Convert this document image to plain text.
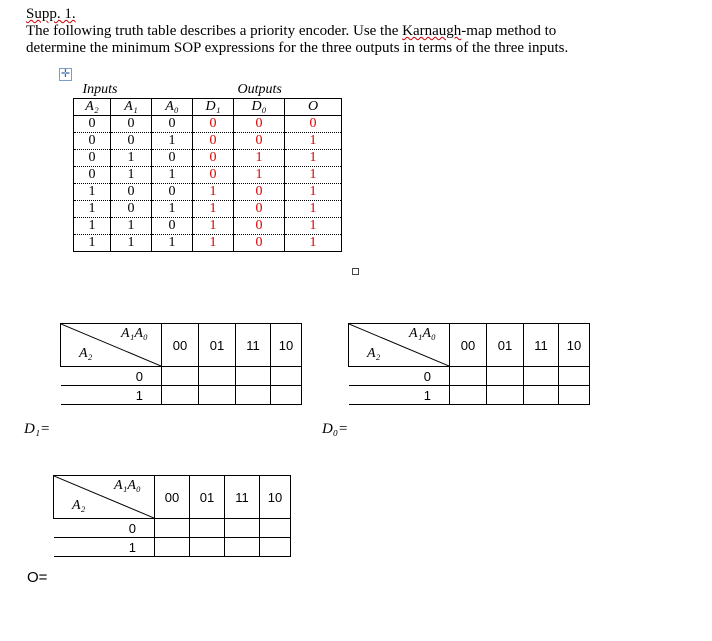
Supp. 1.
The following truth table describes a priority encoder. Use the Karnaugh-map method to
determine the minimum SOP expressions for the three outputs in terms of the three inputs.
✛
	Inputs	Outputs
A₂	A₁	A₀	D₁	D₀	O
0	0	0	0	0	0
0	0	1	0	0	1
0	1	0	0	1	1
0	1	1	0	1	1
1	0	0	1	0	1
1	0	1	1	0	1
1	1	0	1	0	1
1	1	1	1	0	1
A₁A₀
A₂	00	01	11	10
0				
1				
D₁=
A₁A₀
A₂	00	01	11	10
0				
1				
D₀=
A₁A₀
A₂	00	01	11	10
0				
1				
O=
